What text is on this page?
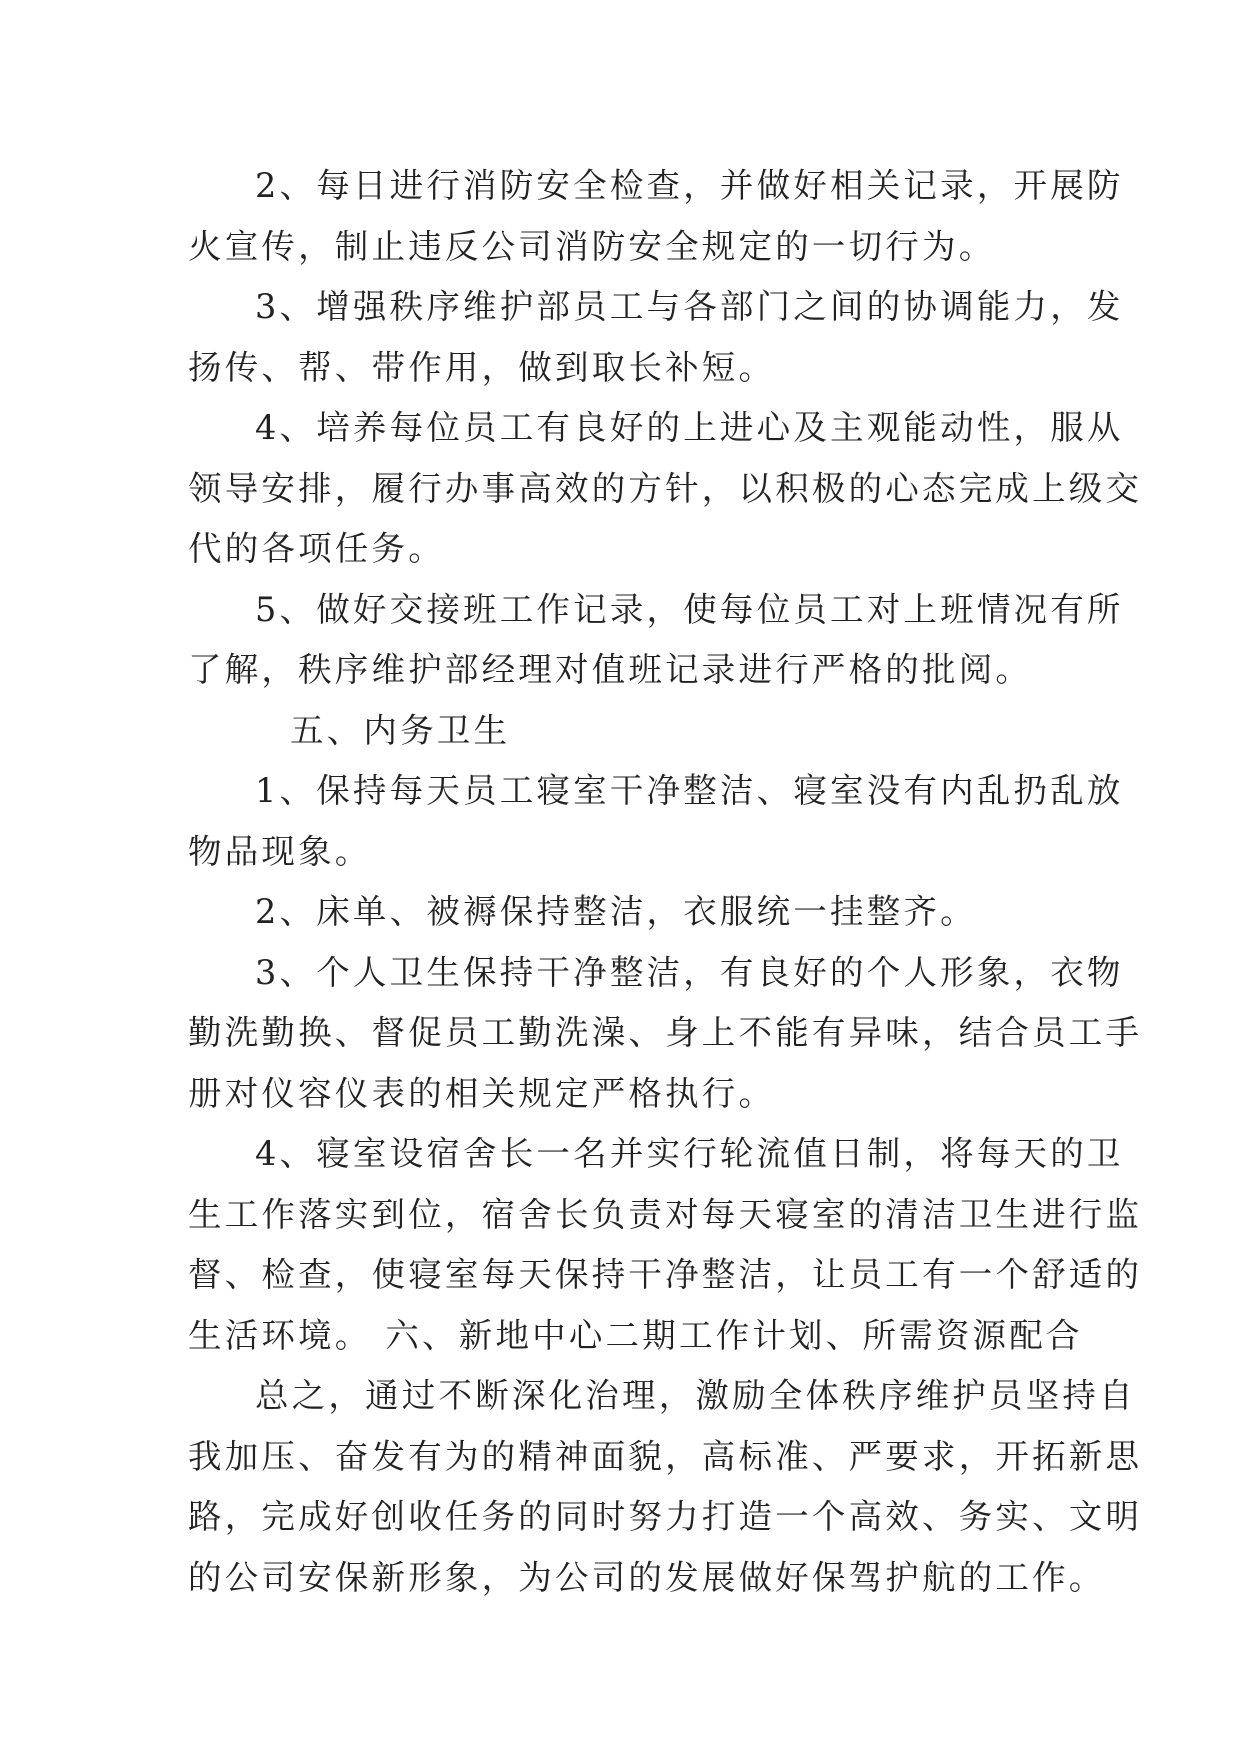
2、每日进行消防安全检查，并做好相关记录，开展防
火宣传，制止违反公司消防安全规定的一切行为。

3、增强秩序维护部员工与各部门之间的协调能力，发
扬传、帮、带作用，做到取长补短。

4、培养每位员工有良好的上进心及主观能动性，服从
领导安排，履行办事高效的方针，以积极的心态完成上级交
代的各项任务。

5、做好交接班工作记录，使每位员工对上班情况有所
了解，秩序维护部经理对值班记录进行严格的批阅。

五、内务卫生

1、保持每天员工寝室干净整洁、寝室没有内乱扔乱放
物品现象。

2、床单、被褥保持整洁，衣服统一挂整齐。

3、个人卫生保持干净整洁，有良好的个人形象，衣物
勤洗勤换、督促员工勤洗澡、身上不能有异味，结合员工手
册对仪容仪表的相关规定严格执行。

4、寝室设宿舍长一名并实行轮流值日制，将每天的卫
生工作落实到位，宿舍长负责对每天寝室的清洁卫生进行监
督、检查，使寝室每天保持干净整洁，让员工有一个舒适的
生活环境。 六、新地中心二期工作计划、所需资源配合

总之，通过不断深化治理，激励全体秩序维护员坚持自
我加压、奋发有为的精神面貌，高标准、严要求，开拓新思
路，完成好创收任务的同时努力打造一个高效、务实、文明
的公司安保新形象，为公司的发展做好保驾护航的工作。
